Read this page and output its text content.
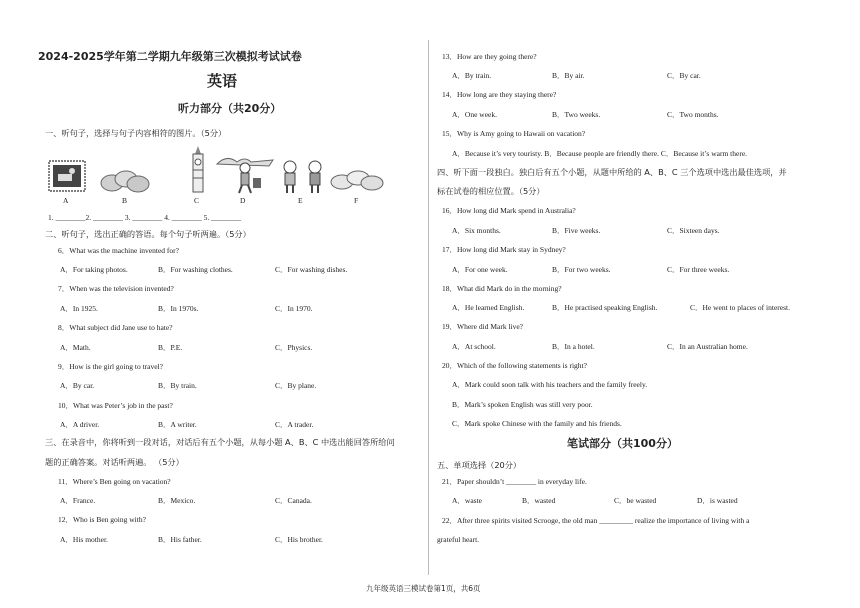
2024-2025学年第二学期九年级第三次模拟考试试卷
英语
听力部分（共20分）
一、听句子，选择与句子内容相符的图片。（5分）
A	B	C	D	E	F
1. ________2. ________ 3. ________ 4. ________ 5. ________
二、听句子，选出正确的答语。每个句子听两遍。（5分）
6．What was the machine invented for?
A．For taking photos.	B．For washing clothes.	C．For washing dishes.
7．When was the television invented?
A．In 1925.	B．In 1970s.	C．In 1970.
8．What subject did Jane use to hate?
A．Math.	B．P.E.	C．Physics.
9．How is the girl going to travel?
A．By car.	B．By train.	C．By plane.
10．What was Peter’s job in the past?
A．A driver.	B．A writer.	C．A trader.
三、在录音中，你将听到一段对话，对话后有五个小题，从每小题 A、B、C 中选出能回答所给问
题的正确答案。对话听两遍。 （5分）
11．Where’s Ben going on vacation?
A．France.	B．Mexico.	C．Canada.
12．Who is Ben going with?
A．His mother.	B．His father.	C．His brother.
13．How are they going there?
A．By train.	B．By air.	C．By car.
14．How long are they staying there?
A．One week.	B．Two weeks.	C．Two months.
15．Why is Amy going to Hawaii on vacation?
A．Because it’s very touristy. B．Because people are friendly there. C．Because it’s warm there.
四、听下面一段独白。独白后有五个小题，从题中所给的 A、B、C 三个选项中选出最佳选项，并
标在试卷的相应位置。（5分）
16．How long did Mark spend in Australia?
A．Six months.	B．Five weeks.	C．Sixteen days.
17．How long did Mark stay in Sydney?
A．For one week.	B．For two weeks.	C．For three weeks.
18．What did Mark do in the morning?
A．He learned English.	B．He practised speaking English.	C．He went to places of interest.
19．Where did Mark live?
A．At school.	B．In a hotel.	C．In an Australian home.
20．Which of the following statements is right?
A．Mark could soon talk with his teachers and the family freely.
B．Mark’s spoken English was still very poor.
C．Mark spoke Chinese with the family and his friends.
笔试部分（共100分）
五、单项选择（20分）
21．Paper shouldn’t ________ in everyday life.
A．waste	B．wasted	C．be wasted	D．is wasted
22．After three spirits visited Scrooge, the old man _________ realize the importance of living with a
grateful heart.
九年级英语三模试卷第1页，共6页
